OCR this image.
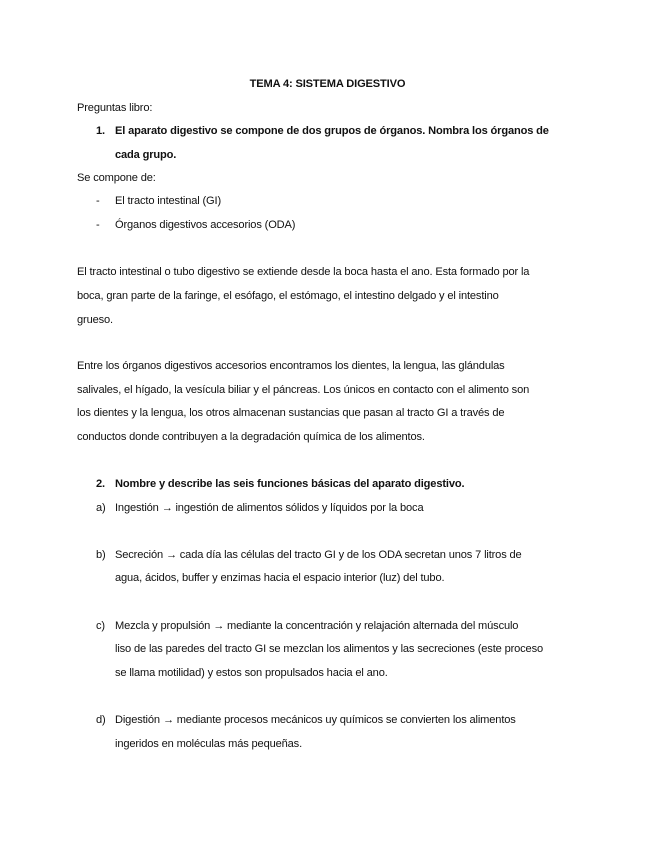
TEMA 4: SISTEMA DIGESTIVO
Preguntas libro:
1. El aparato digestivo se compone de dos grupos de órganos. Nombra los órganos de
cada grupo.
Se compone de:
- El tracto intestinal (GI)
- Órganos digestivos accesorios (ODA)
El tracto intestinal o tubo digestivo se extiende desde la boca hasta el ano. Esta formado por la
boca, gran parte de la faringe, el esófago, el estómago, el intestino delgado y el intestino
grueso.
Entre los órganos digestivos accesorios encontramos los dientes, la lengua, las glándulas
salivales, el hígado, la vesícula biliar y el páncreas. Los únicos en contacto con el alimento son
los dientes y la lengua, los otros almacenan sustancias que pasan al tracto GI a través de
conductos donde contribuyen a la degradación química de los alimentos.
2. Nombre y describe las seis funciones básicas del aparato digestivo.
a) Ingestión → ingestión de alimentos sólidos y líquidos por la boca
b) Secreción → cada día las células del tracto GI y de los ODA secretan unos 7 litros de
agua, ácidos, buffer y enzimas hacia el espacio interior (luz) del tubo.
c) Mezcla y propulsión → mediante la concentración y relajación alternada del músculo
liso de las paredes del tracto GI se mezclan los alimentos y las secreciones (este proceso
se llama motilidad) y estos son propulsados hacia el ano.
d) Digestión → mediante procesos mecánicos uy químicos se convierten los alimentos
ingeridos en moléculas más pequeñas.
